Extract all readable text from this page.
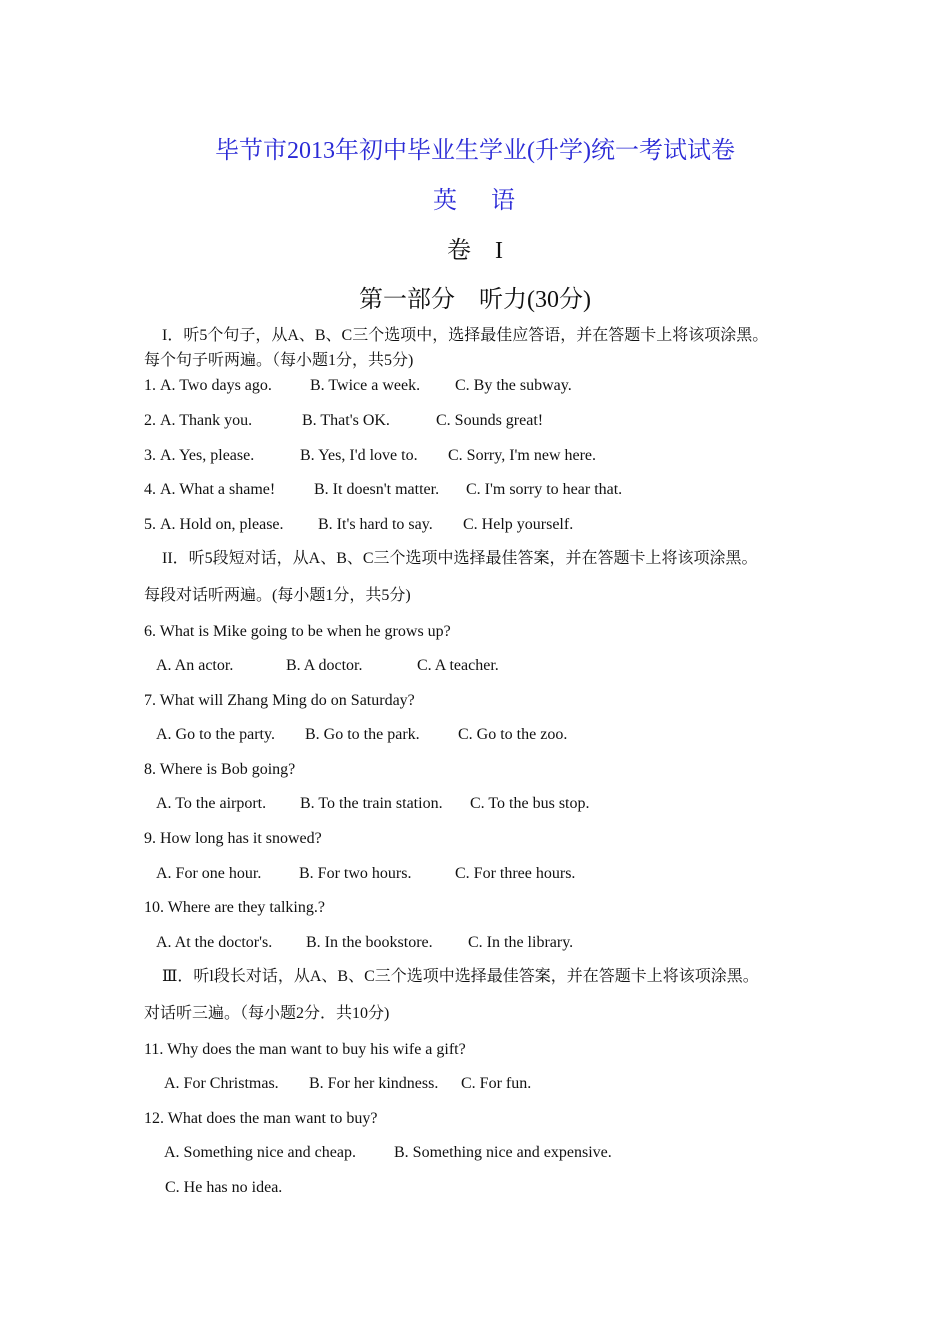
毕节市2013年初中毕业生学业(升学)统一考试试卷
英    语
卷    I
第一部分    听力(30分)
I．听5个句子，从A、B、C三个选项中，选择最佳应答语，并在答题卡上将该项涂黑。
每个句子听两遍。（每小题1分，共5分)
1. A. Two days ago. B. Twice a week. C. By the subway.
2. A. Thank you.	B. That's OK.	C. Sounds great!
3. A. Yes, please.	B. Yes, I'd love to. C. Sorry, I'm new here.
4. A. What a shame! B. It doesn't matter. C. I'm sorry to hear that.
5. A. Hold on, please. B. It's hard to say. C. Help yourself.
II．听5段短对话，从A、B、C三个选项中选择最佳答案，并在答题卡上将该项涂黑。
每段对话听两遍。(每小题1分，共5分)
6. What is Mike going to be when he grows up?
A. An actor.	B. A doctor.	C. A teacher.
7. What will Zhang Ming do on Saturday?
A. Go to the party. B. Go to the park. C. Go to the zoo.
8. Where is Bob going?
A. To the airport. B. To the train station. C. To the bus stop.
9. How long has it snowed?
A. For one hour. B. For two hours.	C. For three hours.
10. Where are they talking.?
A. At the doctor's. B. In the bookstore. C. In the library.
Ⅲ．听l段长对话，从A、B、C三个选项中选择最佳答案，并在答题卡上将该项涂黑。
对话听三遍。（每小题2分．共10分)
11. Why does the man want to buy his wife a gift?
A. For Christmas. B. For her kindness. C. For fun.
12. What does the man want to buy?
A. Something nice and cheap. B. Something nice and expensive.
C. He has no idea.
